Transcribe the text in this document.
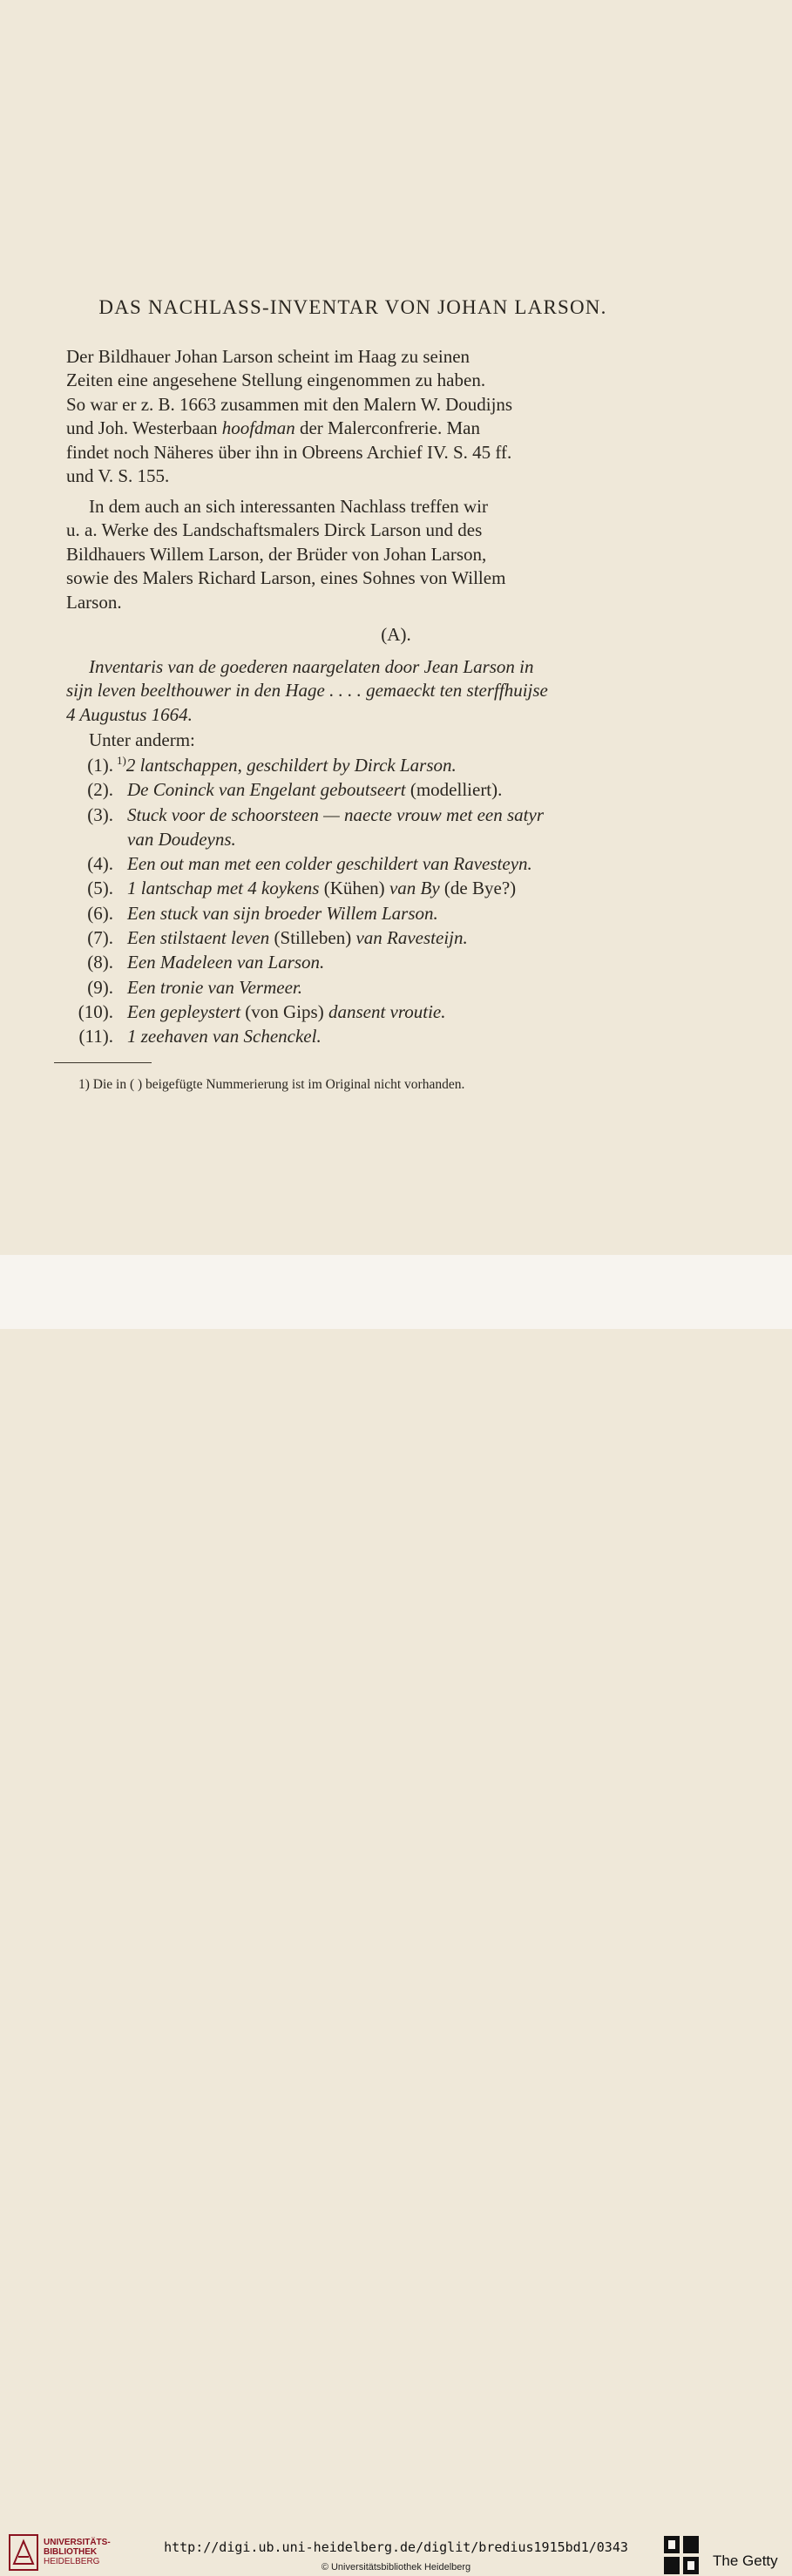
DAS NACHLASS-INVENTAR VON JOHAN LARSON.
Der Bildhauer Johan Larson scheint im Haag zu seinen
Zeiten eine angesehene Stellung eingenommen zu haben.
So war er z. B. 1663 zusammen mit den Malern W. Doudijns
und Joh. Westerbaan hoofdman der Malerconfrerie. Man
findet noch Näheres über ihn in Obreens Archief IV. S. 45 ff.
und V. S. 155.
In dem auch an sich interessanten Nachlass treffen wir
u. a. Werke des Landschaftsmalers Dirck Larson und des
Bildhauers Willem Larson, der Brüder von Johan Larson,
sowie des Malers Richard Larson, eines Sohnes von Willem
Larson.
(A).
Inventaris van de goederen naargelaten door Jean Larson in
sijn leven beelthouwer in den Hage . . . . gemaeckt ten sterffhuijse
4 Augustus 1664.
Unter anderm:
(1). $^{1)}$2 lantschappen, geschildert by Dirck Larson.
(2). De Coninck van Engelant geboutseert (modelliert).
(3). Stuck voor de schoorsteen — naecte vrouw met een satyr
van Doudeyns.
(4). Een out man met een colder geschildert van Ravesteyn.
(5). 1 lantschap met 4 koykens (Kühen) van By (de Bye?)
(6). Een stuck van sijn broeder Willem Larson.
(7). Een stilstaent leven (Stilleben) van Ravesteijn.
(8). Een Madeleen van Larson.
(9). Een tronie van Vermeer.
(10). Een gepleystert (von Gips) dansent vroutie.
(11). 1 zeehaven van Schenckel.
1) Die in ( ) beigefügte Nummerierung ist im Original nicht vorhanden.
UNIVERSITÄTS-
BIBLIOTHEK
HEIDELBERG
http://digi.ub.uni-heidelberg.de/diglit/bredius1915bd1/0343
© Universitätsbibliothek Heidelberg	The Getty
